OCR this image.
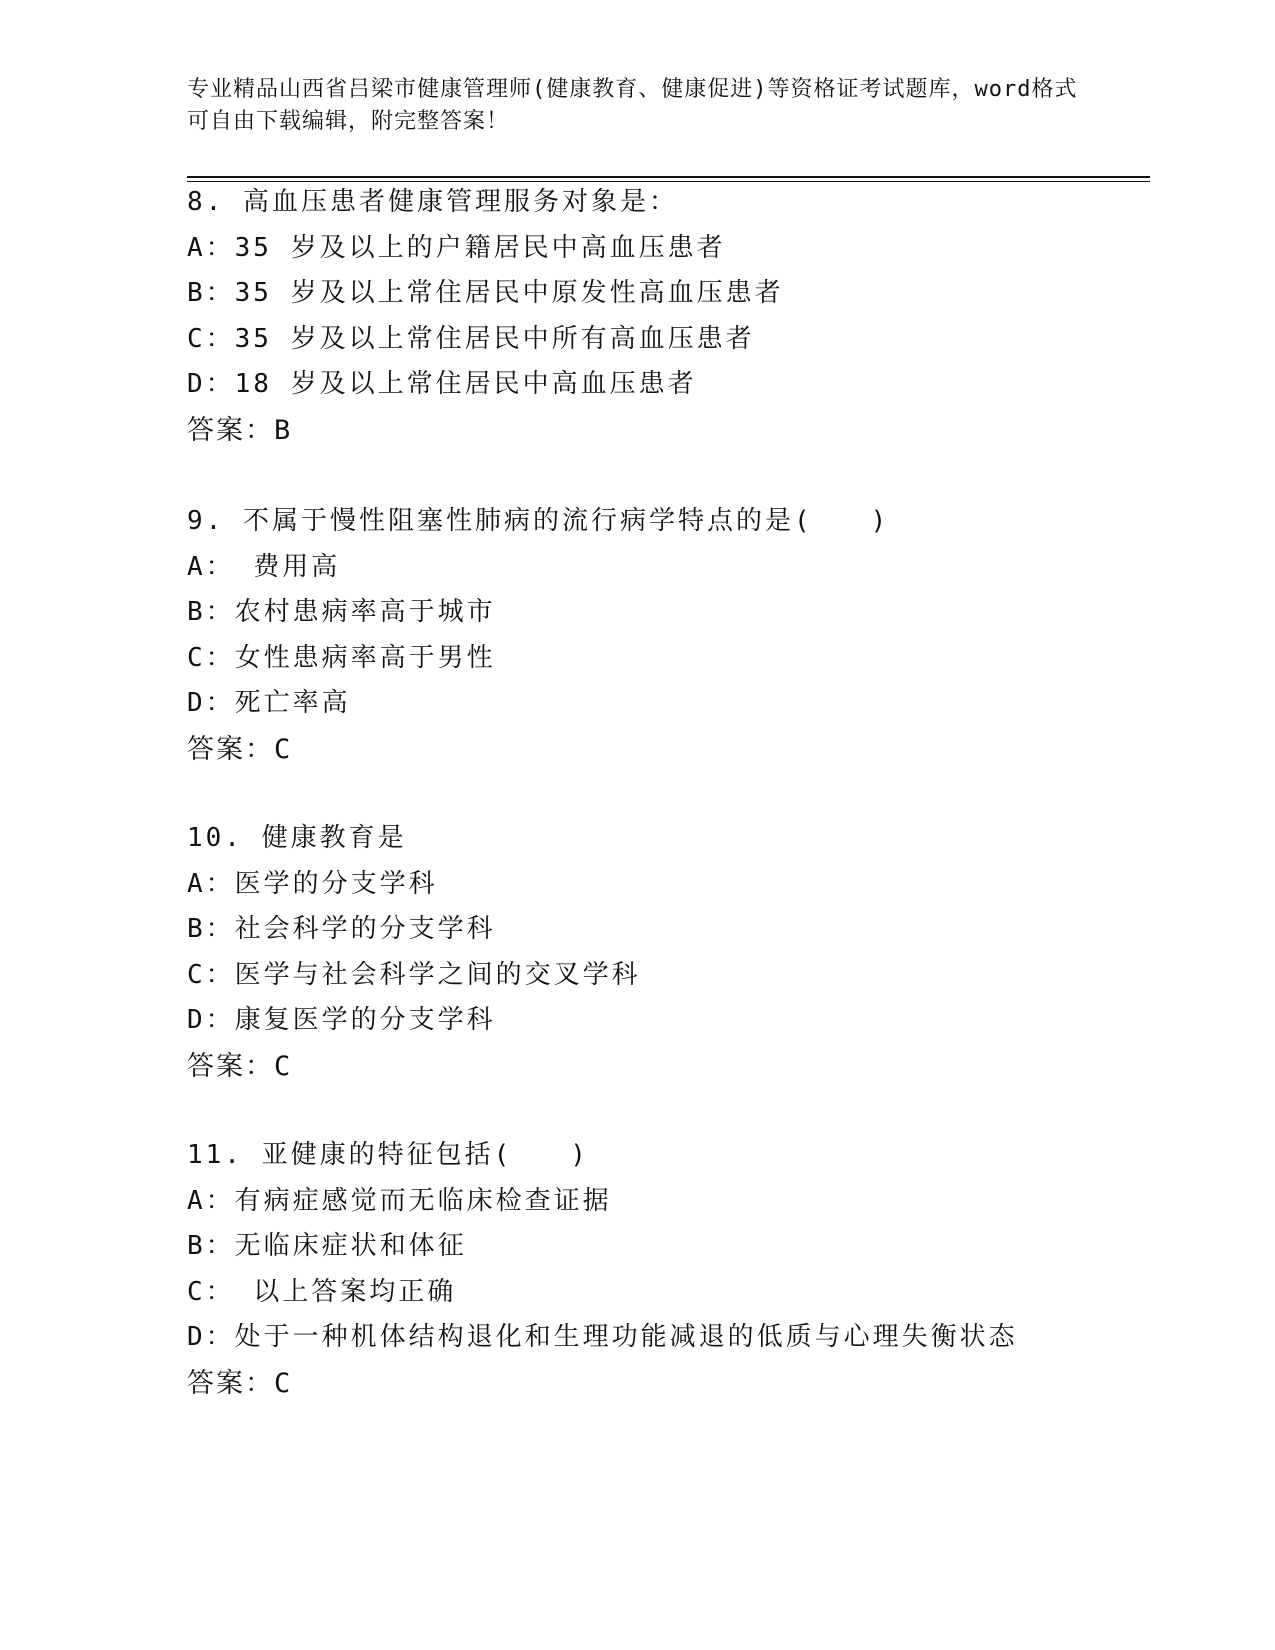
专业精品山西省吕梁市健康管理师(健康教育、健康促进)等资格证考试题库，word格式可自由下载编辑，附完整答案！
8. 高血压患者健康管理服务对象是：
A：35 岁及以上的户籍居民中高血压患者
B：35 岁及以上常住居民中原发性高血压患者
C：35 岁及以上常住居民中所有高血压患者
D：18 岁及以上常住居民中高血压患者
答案：B
9. 不属于慢性阻塞性肺病的流行病学特点的是(　　)
A： 费用高
B：农村患病率高于城市
C：女性患病率高于男性
D：死亡率高
答案：C
10. 健康教育是
A：医学的分支学科
B：社会科学的分支学科
C：医学与社会科学之间的交叉学科
D：康复医学的分支学科
答案：C
11. 亚健康的特征包括(　　)
A：有病症感觉而无临床检查证据
B：无临床症状和体征
C： 以上答案均正确
D：处于一种机体结构退化和生理功能减退的低质与心理失衡状态
答案：C
